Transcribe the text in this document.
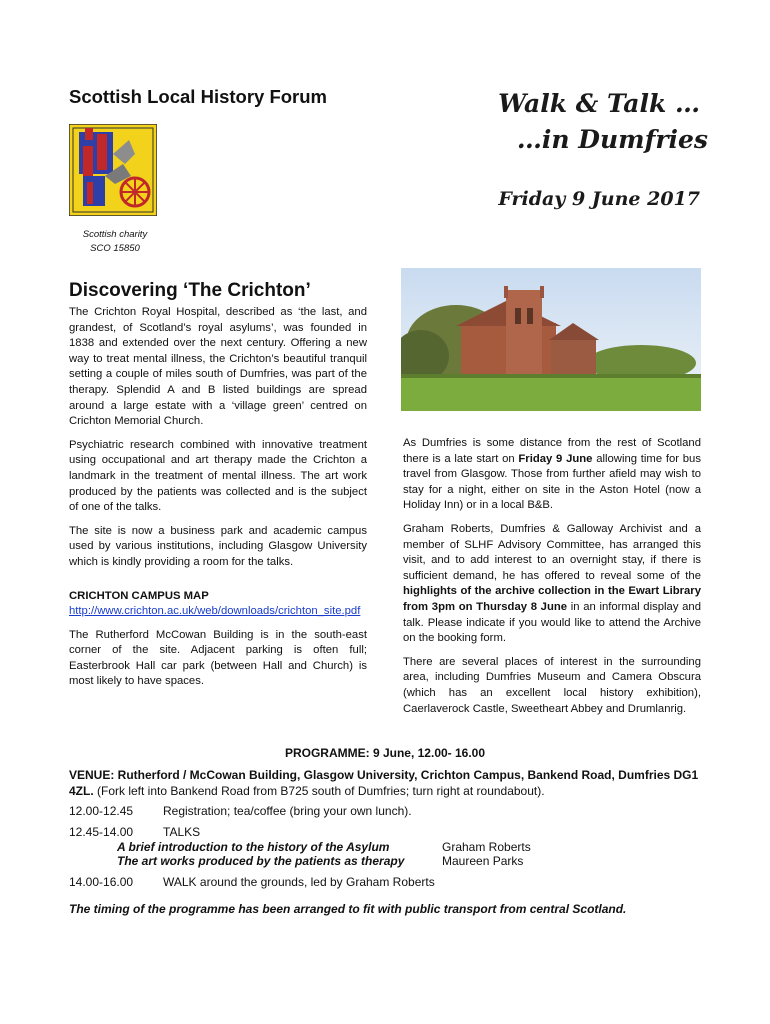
Scottish Local History Forum	Walk & Talk …
…in Dumfries
Friday 9 June 2017
Scottish charity
SCO 15850
Discovering ‘The Crichton’

The Crichton Royal Hospital, described as ‘the last, and grandest, of Scotland’s royal asylums’, was founded in 1838 and extended over the next century. Offering a new way to treat mental illness, the Crichton’s beautiful tranquil setting a couple of miles south of Dumfries, was part of the therapy. Splendid A and B listed buildings are spread around a large estate with a ‘village green’ centred on Crichton Memorial Church.

Psychiatric research combined with innovative treatment using occupational and art therapy made the Crichton a landmark in the treatment of mental illness. The art work produced by the patients was collected and is the subject of one of the talks.

The site is now a business park and academic campus used by various institutions, including Glasgow University which is kindly providing a room for the talks.

CRICHTON CAMPUS MAP

http://www.crichton.ac.uk/web/downloads/crichton_site.pdf

The Rutherford McCowan Building is in the south-east corner of the site. Adjacent parking is often full; Easterbrook Hall car park (between Hall and Church) is most likely to have spaces.

As Dumfries is some distance from the rest of Scotland there is a late start on Friday 9 June allowing time for bus travel from Glasgow. Those from further afield may wish to stay for a night, either on site in the Aston Hotel (now a Holiday Inn) or in a local B&B.

Graham Roberts, Dumfries & Galloway Archivist and a member of SLHF Advisory Committee, has arranged this visit, and to add interest to an overnight stay, if there is sufficient demand, he has offered to reveal some of the highlights of the archive collection in the Ewart Library from 3pm on Thursday 8 June in an informal display and talk. Please indicate if you would like to attend the Archive on the booking form.

There are several places of interest in the surrounding area, including Dumfries Museum and Camera Obscura (which has an excellent local history exhibition), Caerlaverock Castle, Sweetheart Abbey and Drumlanrig.

PROGRAMME: 9 June, 12.00- 16.00
VENUE: Rutherford / McCowan Building, Glasgow University, Crichton Campus, Bankend Road, Dumfries DG1 4ZL. (Fork left into Bankend Road from B725 south of Dumfries; turn right at roundabout).
12.00-12.45 Registration; tea/coffee (bring your own lunch).
12.45-14.00 TALKS
A brief introduction to the history of the Asylum	Graham Roberts
The art works produced by the patients as therapy	Maureen Parks
14.00-16.00 WALK around the grounds, led by Graham Roberts
The timing of the programme has been arranged to fit with public transport from central Scotland.
